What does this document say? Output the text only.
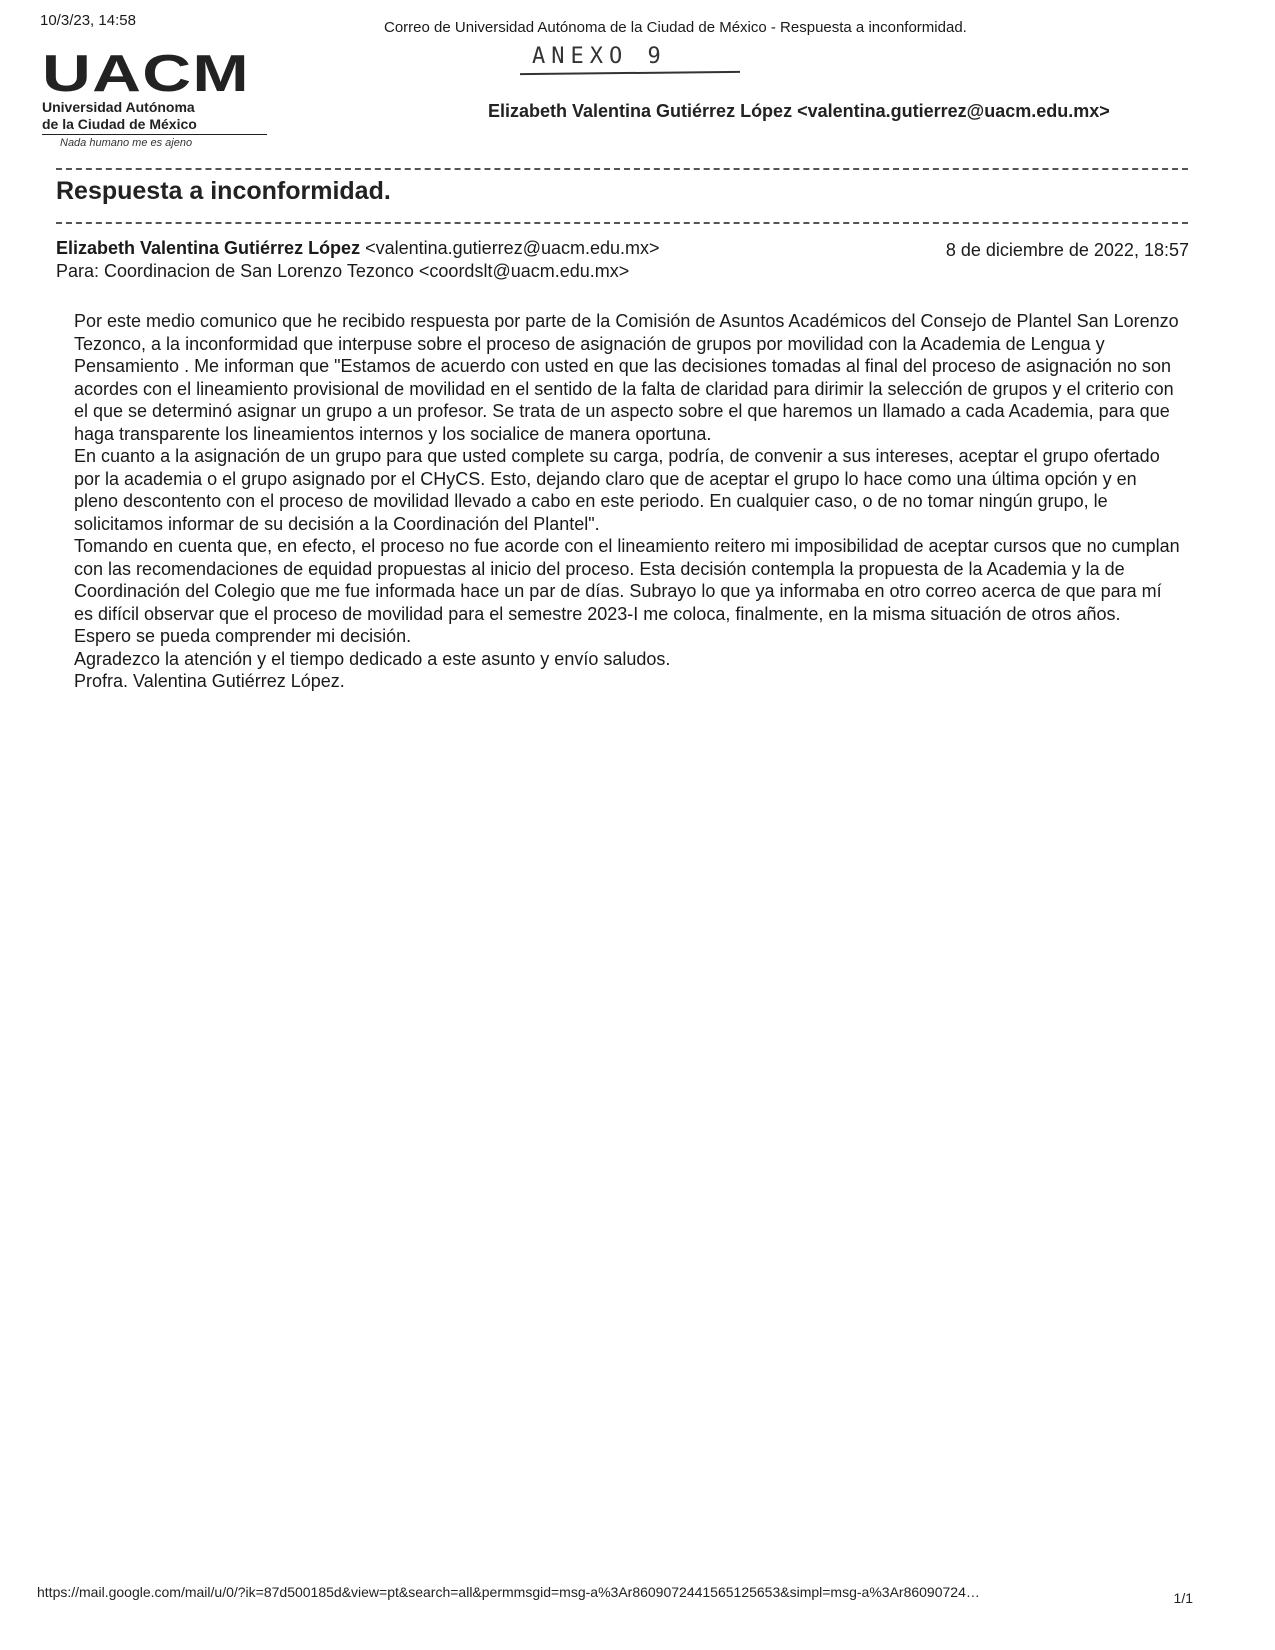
10/3/23, 14:58	Correo de Universidad Autónoma de la Ciudad de México - Respuesta a inconformidad.
ANEXO 9
UACM
Universidad Autónoma
de la Ciudad de México
Nada humano me es ajeno
Elizabeth Valentina Gutiérrez López <valentina.gutierrez@uacm.edu.mx>
Respuesta a inconformidad.
Elizabeth Valentina Gutiérrez López <valentina.gutierrez@uacm.edu.mx>
Para: Coordinacion de San Lorenzo Tezonco <coordslt@uacm.edu.mx>
8 de diciembre de 2022, 18:57

Por este medio comunico que he recibido respuesta por parte de la Comisión de Asuntos Académicos del Consejo de Plantel San Lorenzo Tezonco, a la inconformidad que interpuse sobre el proceso de asignación de grupos por movilidad con la Academia de Lengua y Pensamiento . Me informan que "Estamos de acuerdo con usted en que las decisiones tomadas al final del proceso de asignación no son acordes con el lineamiento provisional de movilidad en el sentido de la falta de claridad para dirimir la selección de grupos y el criterio con el que se determinó asignar un grupo a un profesor. Se trata de un aspecto sobre el que haremos un llamado a cada Academia, para que haga transparente los lineamientos internos y los socialice de manera oportuna.

En cuanto a la asignación de un grupo para que usted complete su carga, podría, de convenir a sus intereses, aceptar el grupo ofertado por la academia o el grupo asignado por el CHyCS. Esto, dejando claro que de aceptar el grupo lo hace como una última opción y en pleno descontento con el proceso de movilidad llevado a cabo en este periodo. En cualquier caso, o de no tomar ningún grupo, le solicitamos informar de su decisión a la Coordinación del Plantel".

Tomando en cuenta que, en efecto, el proceso no fue acorde con el lineamiento reitero mi imposibilidad de aceptar cursos que no cumplan con las recomendaciones de equidad propuestas al inicio del proceso. Esta decisión contempla la propuesta de la Academia y la de Coordinación del Colegio que me fue informada hace un par de días. Subrayo lo que ya informaba en otro correo acerca de que para mí es difícil observar que el proceso de movilidad para el semestre 2023-I me coloca, finalmente, en la misma situación de otros años. Espero se pueda comprender mi decisión.

Agradezco la atención y el tiempo dedicado a este asunto y envío saludos.

Profra. Valentina Gutiérrez López.

https://mail.google.com/mail/u/0/?ik=87d500185d&view=pt&search=all&permmsgid=msg-a%3Ar8609072441565125653&simpl=msg-a%3Ar86090724…	1/1
